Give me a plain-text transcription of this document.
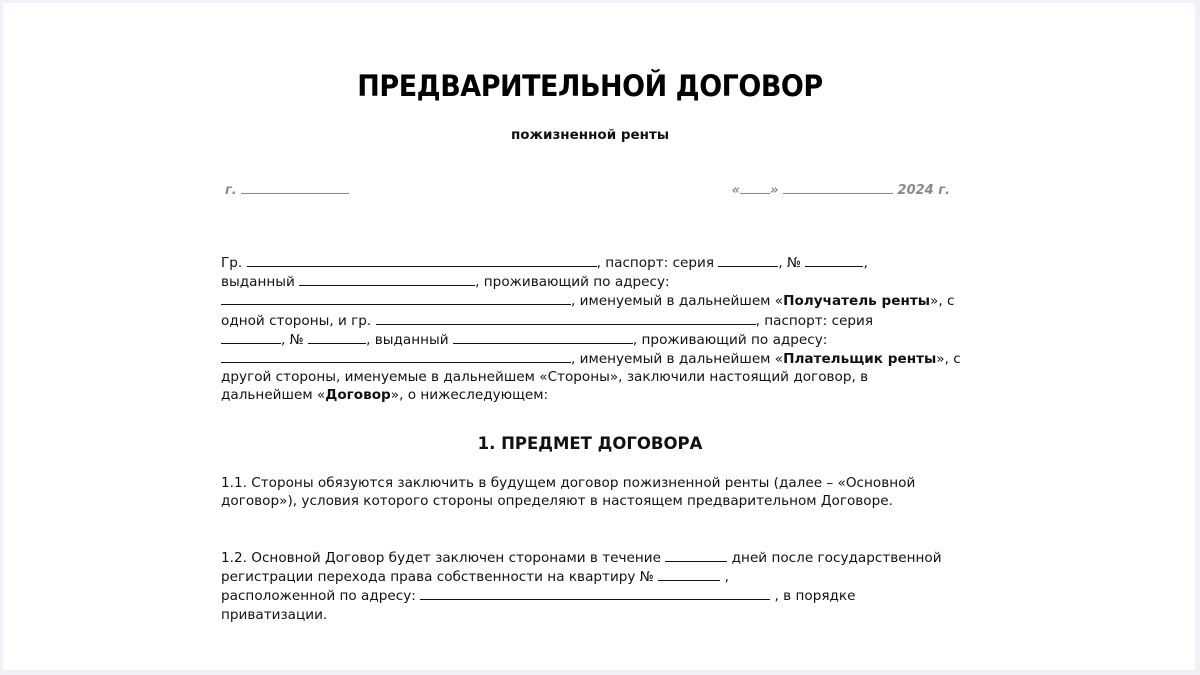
ПРЕДВАРИТЕЛЬНОЙ ДОГОВОР
пожизненной ренты
г.	« »	2024 г.
Гр.	, паспорт: серия	, №	,
выданный	, проживающий по адресу:
, именуемый в дальнейшем «Получатель ренты», с одной стороны, и гр.	, паспорт: серия
, №	, выданный	, проживающий по адресу:
, именуемый в дальнейшем «Плательщик ренты», с другой стороны, именуемые в дальнейшем «Стороны», заключили настоящий договор, в дальнейшем «Договор», о нижеследующем:
1. ПРЕДМЕТ ДОГОВОРА
1.1. Стороны обязуются заключить в будущем договор пожизненной ренты (далее – «Основной договор»), условия которого стороны определяют в настоящем предварительном Договоре.
1.2. Основной Договор будет заключен сторонами в течение	дней после государственной регистрации перехода права собственности на квартиру №	,
расположенной по адресу:	, в порядке приватизации.
